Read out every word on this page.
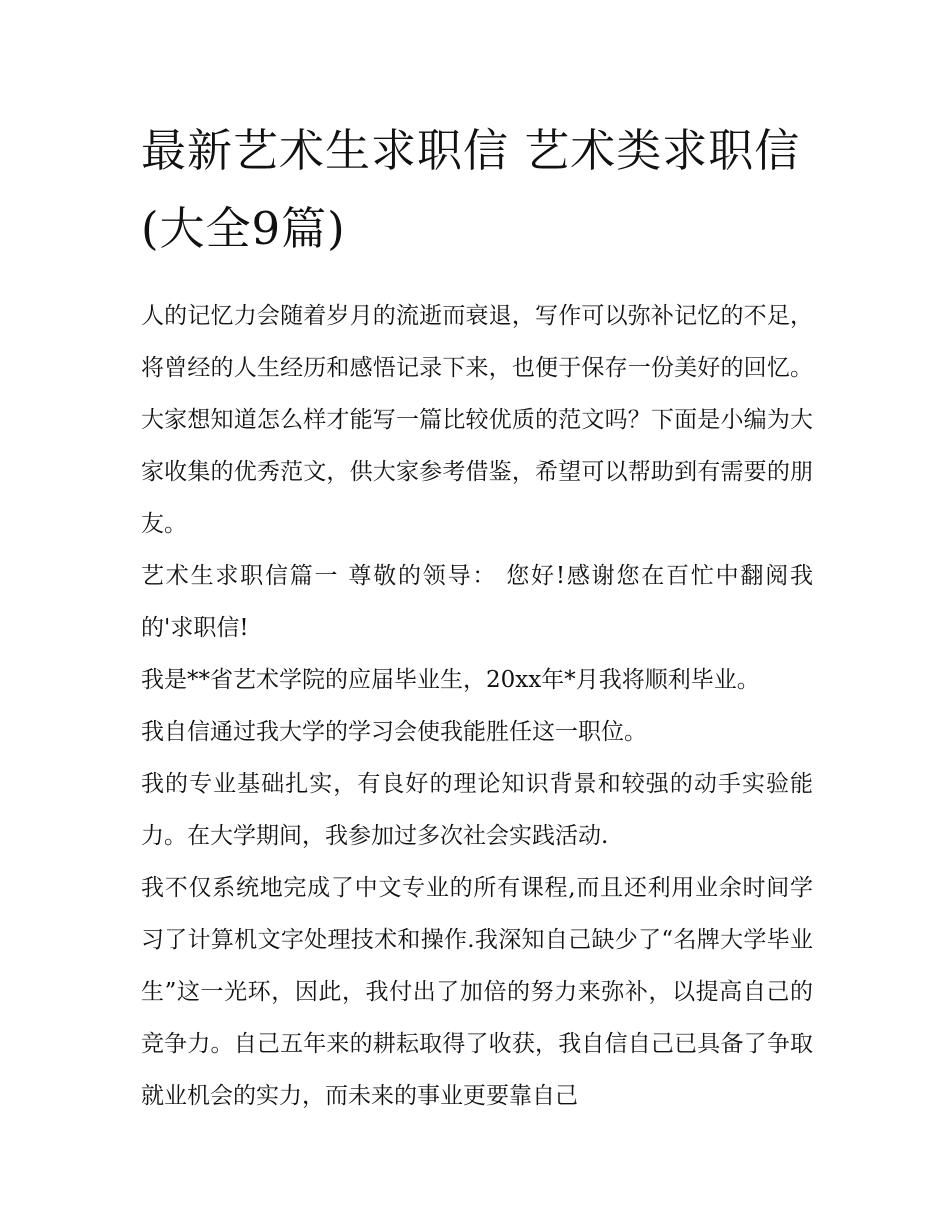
最新艺术生求职信 艺术类求职信(大全9篇)

人的记忆力会随着岁月的流逝而衰退，写作可以弥补记忆的不足，将曾经的人生经历和感悟记录下来，也便于保存一份美好的回忆。大家想知道怎么样才能写一篇比较优质的范文吗？下面是小编为大家收集的优秀范文，供大家参考借鉴，希望可以帮助到有需要的朋友。

艺术生求职信篇一 尊敬的领导： 您好!感谢您在百忙中翻阅我的'求职信!

我是**省艺术学院的应届毕业生，20xx年*月我将顺利毕业。

我自信通过我大学的学习会使我能胜任这一职位。

我的专业基础扎实，有良好的理论知识背景和较强的动手实验能力。在大学期间，我参加过多次社会实践活动.

我不仅系统地完成了中文专业的所有课程,而且还利用业余时间学习了计算机文字处理技术和操作.我深知自己缺少了“名牌大学毕业生”这一光环，因此，我付出了加倍的努力来弥补，以提高自己的竞争力。自己五年来的耕耘取得了收获，我自信自己已具备了争取就业机会的实力，而未来的事业更要靠自己
